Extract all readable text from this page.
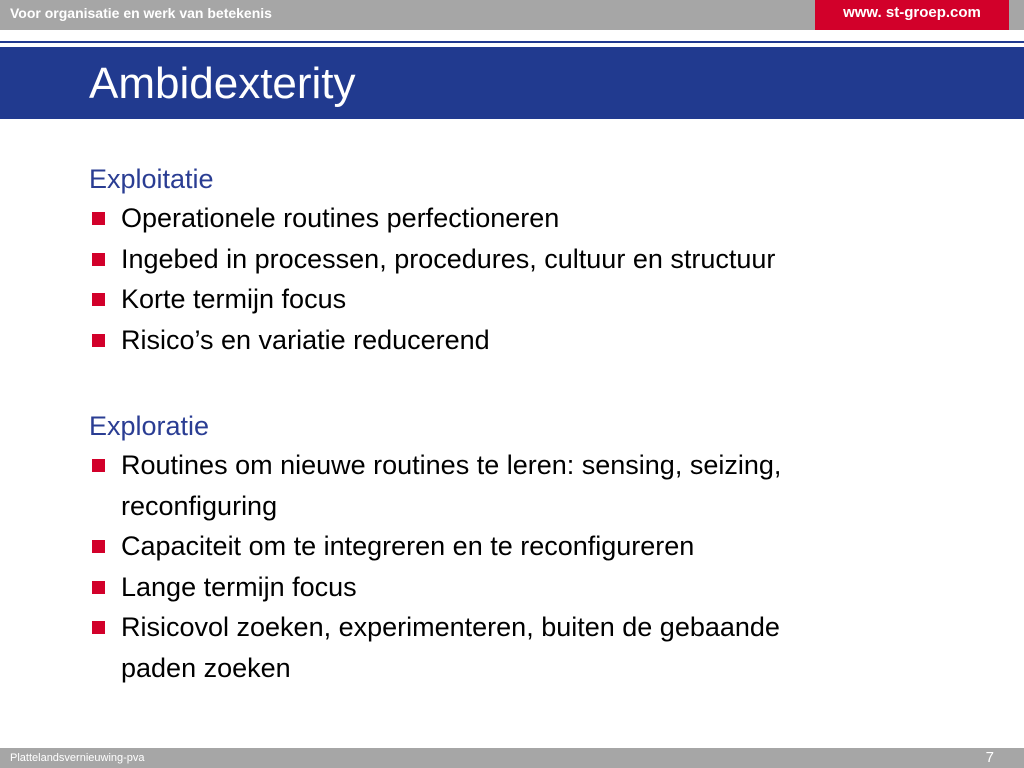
Voor organisatie en werk van betekenis	www. st-groep.com
Ambidexterity
Exploitatie
Operationele routines perfectioneren
Ingebed in processen, procedures, cultuur en structuur
Korte termijn focus
Risico’s en variatie reducerend
Exploratie
Routines om nieuwe routines te leren: sensing, seizing, reconfiguring
Capaciteit om te integreren en te reconfigureren
Lange termijn focus
Risicovol zoeken, experimenteren, buiten de gebaande paden zoeken
Plattelandsvernieuwing-pva	7
